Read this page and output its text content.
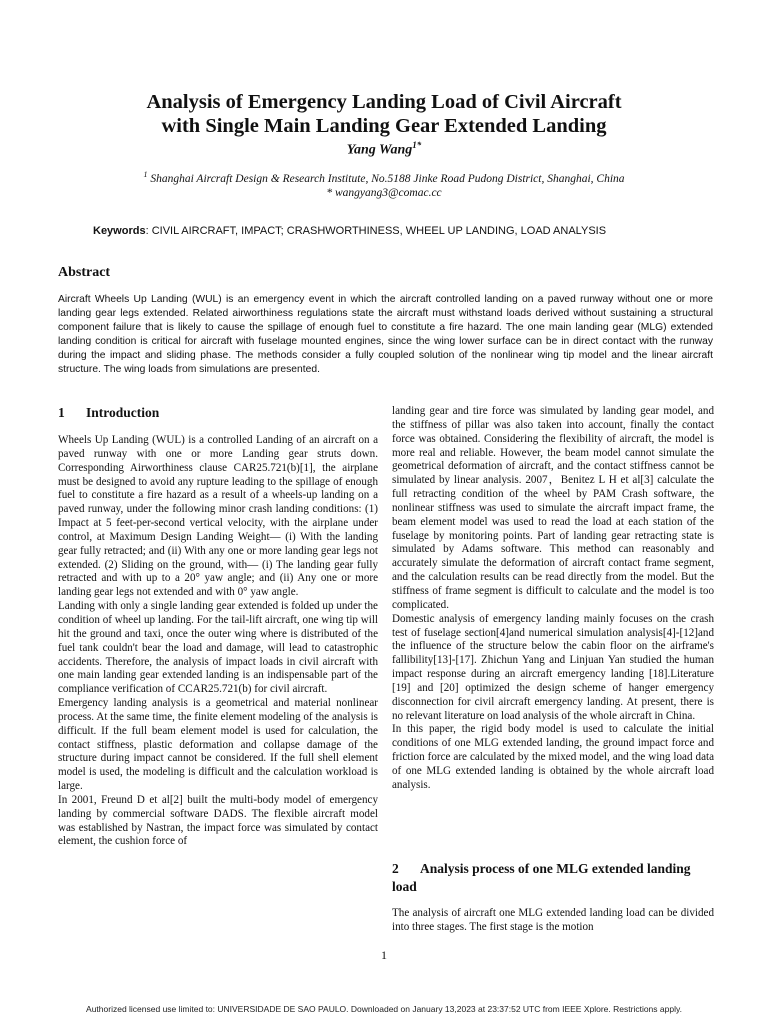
Analysis of Emergency Landing Load of Civil Aircraft
with Single Main Landing Gear Extended Landing
Yang Wang$^{1*}$
$^1$ Shanghai Aircraft Design & Research Institute, No.5188 Jinke Road Pudong District, Shanghai, China
* wangyang3@comac.cc
Keywords: CIVIL AIRCRAFT, IMPACT; CRASHWORTHINESS, WHEEL UP LANDING, LOAD ANALYSIS
Abstract

Aircraft Wheels Up Landing (WUL) is an emergency event in which the aircraft controlled landing on a paved runway without one or more landing gear legs extended. Related airworthiness regulations state the aircraft must withstand loads derived without sustaining a structural component failure that is likely to cause the spillage of enough fuel to constitute a fire hazard. The one main landing gear (MLG) extended landing condition is critical for aircraft with fuselage mounted engines, since the wing lower surface can be in direct contact with the runway during the impact and sliding phase. The methods consider a fully coupled solution of the nonlinear wing tip model and the linear aircraft structure. The wing loads from simulations are presented.

1 Introduction

Wheels Up Landing (WUL) is a controlled Landing of an aircraft on a paved runway with one or more Landing gear struts down. Corresponding Airworthiness clause CAR25.721(b)[1], the airplane must be designed to avoid any rupture leading to the spillage of enough fuel to constitute a fire hazard as a result of a wheels-up landing on a paved runway, under the following minor crash landing conditions: (1) Impact at 5 feet-per-second vertical velocity, with the airplane under control, at Maximum Design Landing Weight— (i) With the landing gear fully retracted; and (ii) With any one or more landing gear legs not extended. (2) Sliding on the ground, with— (i) The landing gear fully retracted and with up to a 20° yaw angle; and (ii) Any one or more landing gear legs not extended and with 0° yaw angle.

Landing with only a single landing gear extended is folded up under the condition of wheel up landing. For the tail-lift aircraft, one wing tip will hit the ground and taxi, once the outer wing where is distributed of the fuel tank couldn't bear the load and damage, will lead to catastrophic accidents. Therefore, the analysis of impact loads in civil aircraft with one main landing gear extended landing is an indispensable part of the compliance verification of CCAR25.721(b) for civil aircraft.

Emergency landing analysis is a geometrical and material nonlinear process. At the same time, the finite element modeling of the analysis is difficult. If the full beam element model is used for calculation, the contact stiffness, plastic deformation and collapse damage of the structure during impact cannot be considered. If the full shell element model is used, the modeling is difficult and the calculation workload is large.

In 2001, Freund D et al[2] built the multi-body model of emergency landing by commercial software DADS. The flexible aircraft model was established by Nastran, the impact force was simulated by contact element, the cushion force of

landing gear and tire force was simulated by landing gear model, and the stiffness of pillar was also taken into account, finally the contact force was obtained. Considering the flexibility of aircraft, the model is more real and reliable. However, the beam model cannot simulate the geometrical deformation of aircraft, and the contact stiffness cannot be simulated by linear analysis. 2007，Benitez L H et al[3] calculate the full retracting condition of the wheel by PAM Crash software, the nonlinear stiffness was used to simulate the aircraft impact frame, the beam element model was used to read the load at each station of the fuselage by monitoring points. Part of landing gear retracting state is simulated by Adams software. This method can reasonably and accurately simulate the deformation of aircraft contact frame segment, and the calculation results can be read directly from the model. But the stiffness of frame segment is difficult to calculate and the model is too complicated.

Domestic analysis of emergency landing mainly focuses on the crash test of fuselage section[4]and numerical simulation analysis[4]-[12]and the influence of the structure below the cabin floor on the airframe's fallibility[13]-[17]. Zhichun Yang and Linjuan Yan studied the human impact response during an aircraft emergency landing [18].Literature [19] and [20] optimized the design scheme of hanger emergency disconnection for civil aircraft emergency landing. At present, there is no relevant literature on load analysis of the whole aircraft in China.

In this paper, the rigid body model is used to calculate the initial conditions of one MLG extended landing, the ground impact force and friction force are calculated by the mixed model, and the wing load data of one MLG extended landing is obtained by the whole aircraft load analysis.

2 Analysis process of one MLG extended landing load

The analysis of aircraft one MLG extended landing load can be divided into three stages. The first stage is the motion

1
Authorized licensed use limited to: UNIVERSIDADE DE SAO PAULO. Downloaded on January 13,2023 at 23:37:52 UTC from IEEE Xplore. Restrictions apply.
